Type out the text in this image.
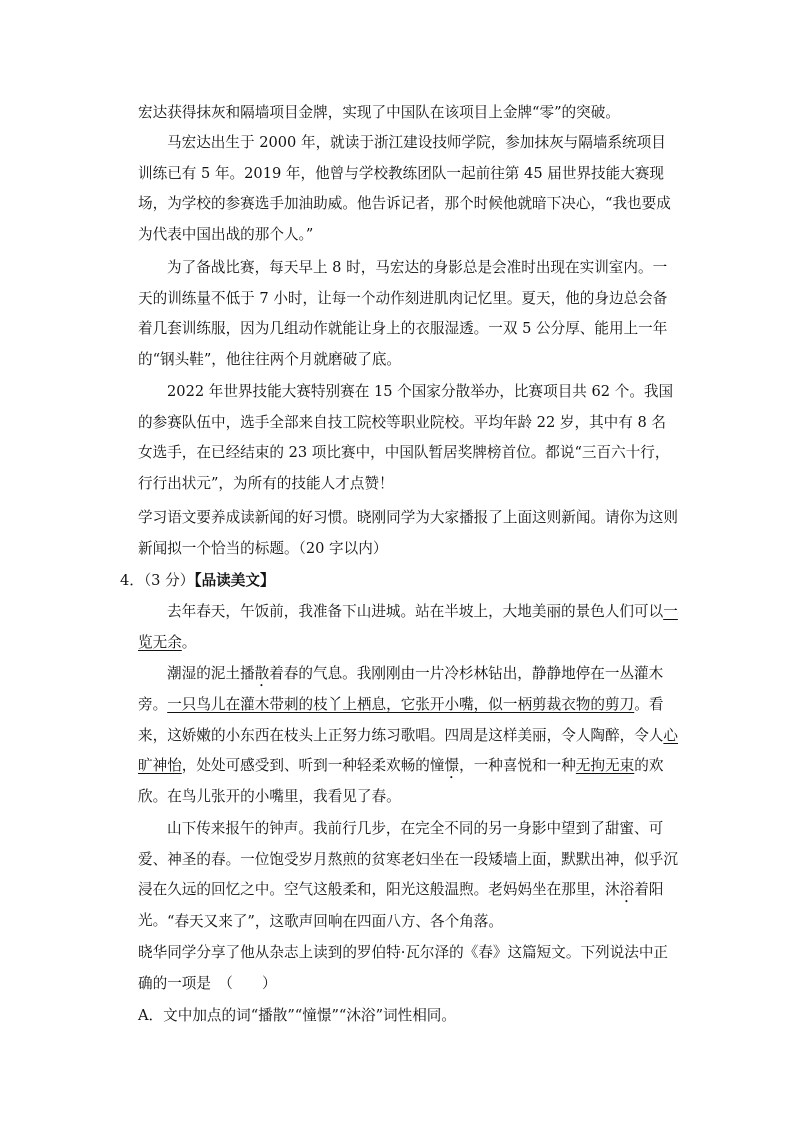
宏达获得抹灰和隔墙项目金牌，实现了中国队在该项目上金牌“零”的突破。
马宏达出生于 2000 年，就读于浙江建设技师学院，参加抹灰与隔墙系统项目训练已有 5 年。2019 年，他曾与学校教练团队一起前往第 45 届世界技能大赛现场，为学校的参赛选手加油助威。他告诉记者，那个时候他就暗下决心，“我也要成为代表中国出战的那个人。”
为了备战比赛，每天早上 8 时，马宏达的身影总是会准时出现在实训室内。一天的训练量不低于 7 小时，让每一个动作刻进肌肉记忆里。夏天，他的身边总会备着几套训练服，因为几组动作就能让身上的衣服湿透。一双 5 公分厚、能用上一年的“钢头鞋”，他往往两个月就磨破了底。
2022 年世界技能大赛特别赛在 15 个国家分散举办，比赛项目共 62 个。我国的参赛队伍中，选手全部来自技工院校等职业院校。平均年龄 22 岁，其中有 8 名女选手，在已经结束的 23 项比赛中，中国队暂居奖牌榜首位。都说“三百六十行，行行出状元”，为所有的技能人才点赞！
学习语文要养成读新闻的好习惯。晓刚同学为大家播报了上面这则新闻。请你为这则新闻拟一个恰当的标题。（20 字以内）
4．（3 分）【品读美文】
去年春天，午饭前，我准备下山进城。站在半坡上，大地美丽的景色人们可以一览无余。
潮湿的泥土播散着春的气息。我刚刚由一片冷杉林钻出，静静地停在一丛灌木旁。一只鸟儿在灌木带刺的枝丫上栖息，它张开小嘴，似一柄剪裁衣物的剪刀。看来，这娇嫩的小东西在枝头上正努力练习歌唱。四周是这样美丽，令人陶醉，令人心旷神怡，处处可感受到、听到一种轻柔欢畅的憧憬，一种喜悦和一种无拘无束的欢欣。在鸟儿张开的小嘴里，我看见了春。
山下传来报午的钟声。我前行几步，在完全不同的另一身影中望到了甜蜜、可爱、神圣的春。一位饱受岁月熬煎的贫寒老妇坐在一段矮墙上面，默默出神，似乎沉浸在久远的回忆之中。空气这般柔和，阳光这般温煦。老妈妈坐在那里，沐浴着阳光。 “春天又来了”，这歌声回响在四面八方、各个角落。
晓华同学分享了他从杂志上读到的罗伯特·瓦尔泽的《春》这篇短文。下列说法中正确的一项是　（　　）
A．文中加点的词“播散”“憧憬”“沐浴”词性相同。
